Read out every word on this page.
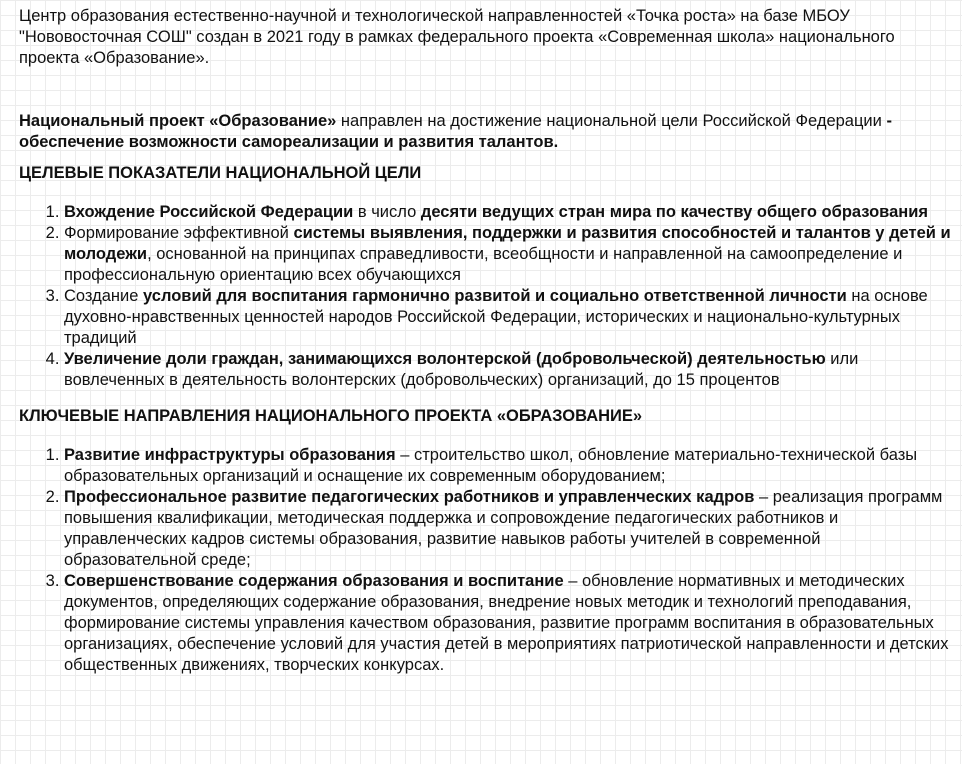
Центр образования естественно-научной и технологической направленностей «Точка роста» на базе МБОУ "Нововосточная СОШ" создан в 2021 году в рамках федерального проекта «Современная школа» национального проекта «Образование».

Национальный проект «Образование» направлен на достижение национальной цели Российской Федерации - обеспечение возможности самореализации и развития талантов.

ЦЕЛЕВЫЕ ПОКАЗАТЕЛИ НАЦИОНАЛЬНОЙ ЦЕЛИ
1. Вхождение Российской Федерации в число десяти ведущих стран мира по качеству общего образования
2. Формирование эффективной системы выявления, поддержки и развития способностей и талантов у детей и молодежи, основанной на принципах справедливости, всеобщности и направленной на самоопределение и профессиональную ориентацию всех обучающихся
3. Создание условий для воспитания гармонично развитой и социально ответственной личности на основе духовно-нравственных ценностей народов Российской Федерации, исторических и национально-культурных традиций
4. Увеличение доли граждан, занимающихся волонтерской (добровольческой) деятельностью или вовлеченных в деятельность волонтерских (добровольческих) организаций, до 15 процентов
КЛЮЧЕВЫЕ НАПРАВЛЕНИЯ НАЦИОНАЛЬНОГО ПРОЕКТА «ОБРАЗОВАНИЕ»
1. Развитие инфраструктуры образования – строительство школ, обновление материально-технической базы образовательных организаций и оснащение их современным оборудованием;
2. Профессиональное развитие педагогических работников и управленческих кадров – реализация программ повышения квалификации, методическая поддержка и сопровождение педагогических работников и управленческих кадров системы образования, развитие навыков работы учителей в современной образовательной среде;
3. Совершенствование содержания образования и воспитание – обновление нормативных и методических документов, определяющих содержание образования, внедрение новых методик и технологий преподавания, формирование системы управления качеством образования, развитие программ воспитания в образовательных организациях, обеспечение условий для участия детей в мероприятиях патриотической направленности и детских общественных движениях, творческих конкурсах.
